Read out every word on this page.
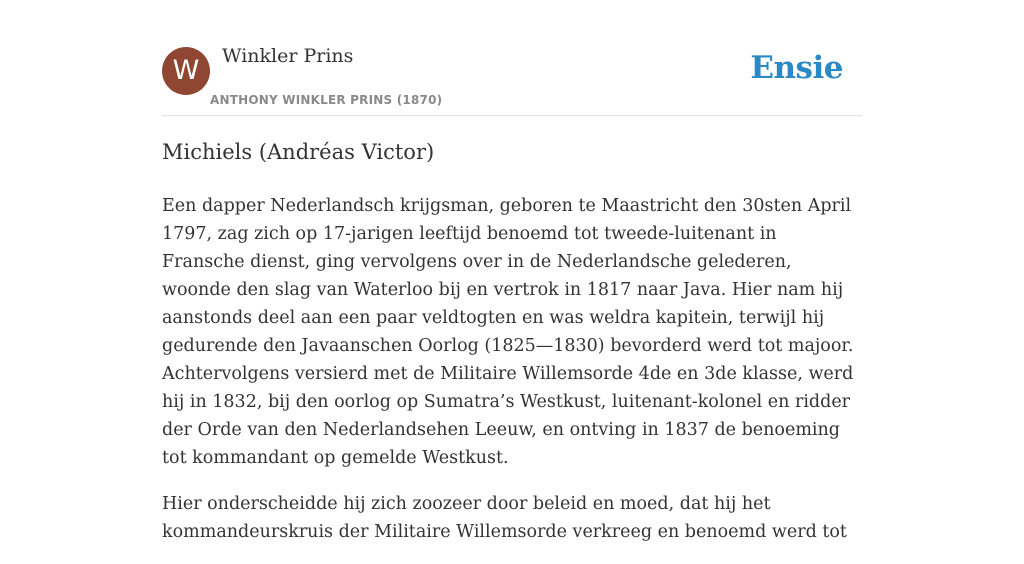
W	Winkler Prins
ANTHONY WINKLER PRINS (1870)
Ensie
Michiels (Andréas Victor)

Een dapper Nederlandsch krijgsman, geboren te Maastricht den 30sten April 1797, zag zich op 17-jarigen leeftijd benoemd tot tweede-luitenant in Fransche dienst, ging vervolgens over in de Nederlandsche gelederen, woonde den slag van Waterloo bij en vertrok in 1817 naar Java. Hier nam hij aanstonds deel aan een paar veldtogten en was weldra kapitein, terwijl hij gedurende den Javaanschen Oorlog (1825—1830) bevorderd werd tot majoor. Achtervolgens versierd met de Militaire Willemsorde 4de en 3de klasse, werd hij in 1832, bij den oorlog op Sumatra’s Westkust, luitenant-kolonel en ridder der Orde van den Nederlandsehen Leeuw, en ontving in 1837 de benoeming tot kommandant op gemelde Westkust.

Hier onderscheidde hij zich zoozeer door beleid en moed, dat hij het kommandeurskruis der Militaire Willemsorde verkreeg en benoemd werd tot
